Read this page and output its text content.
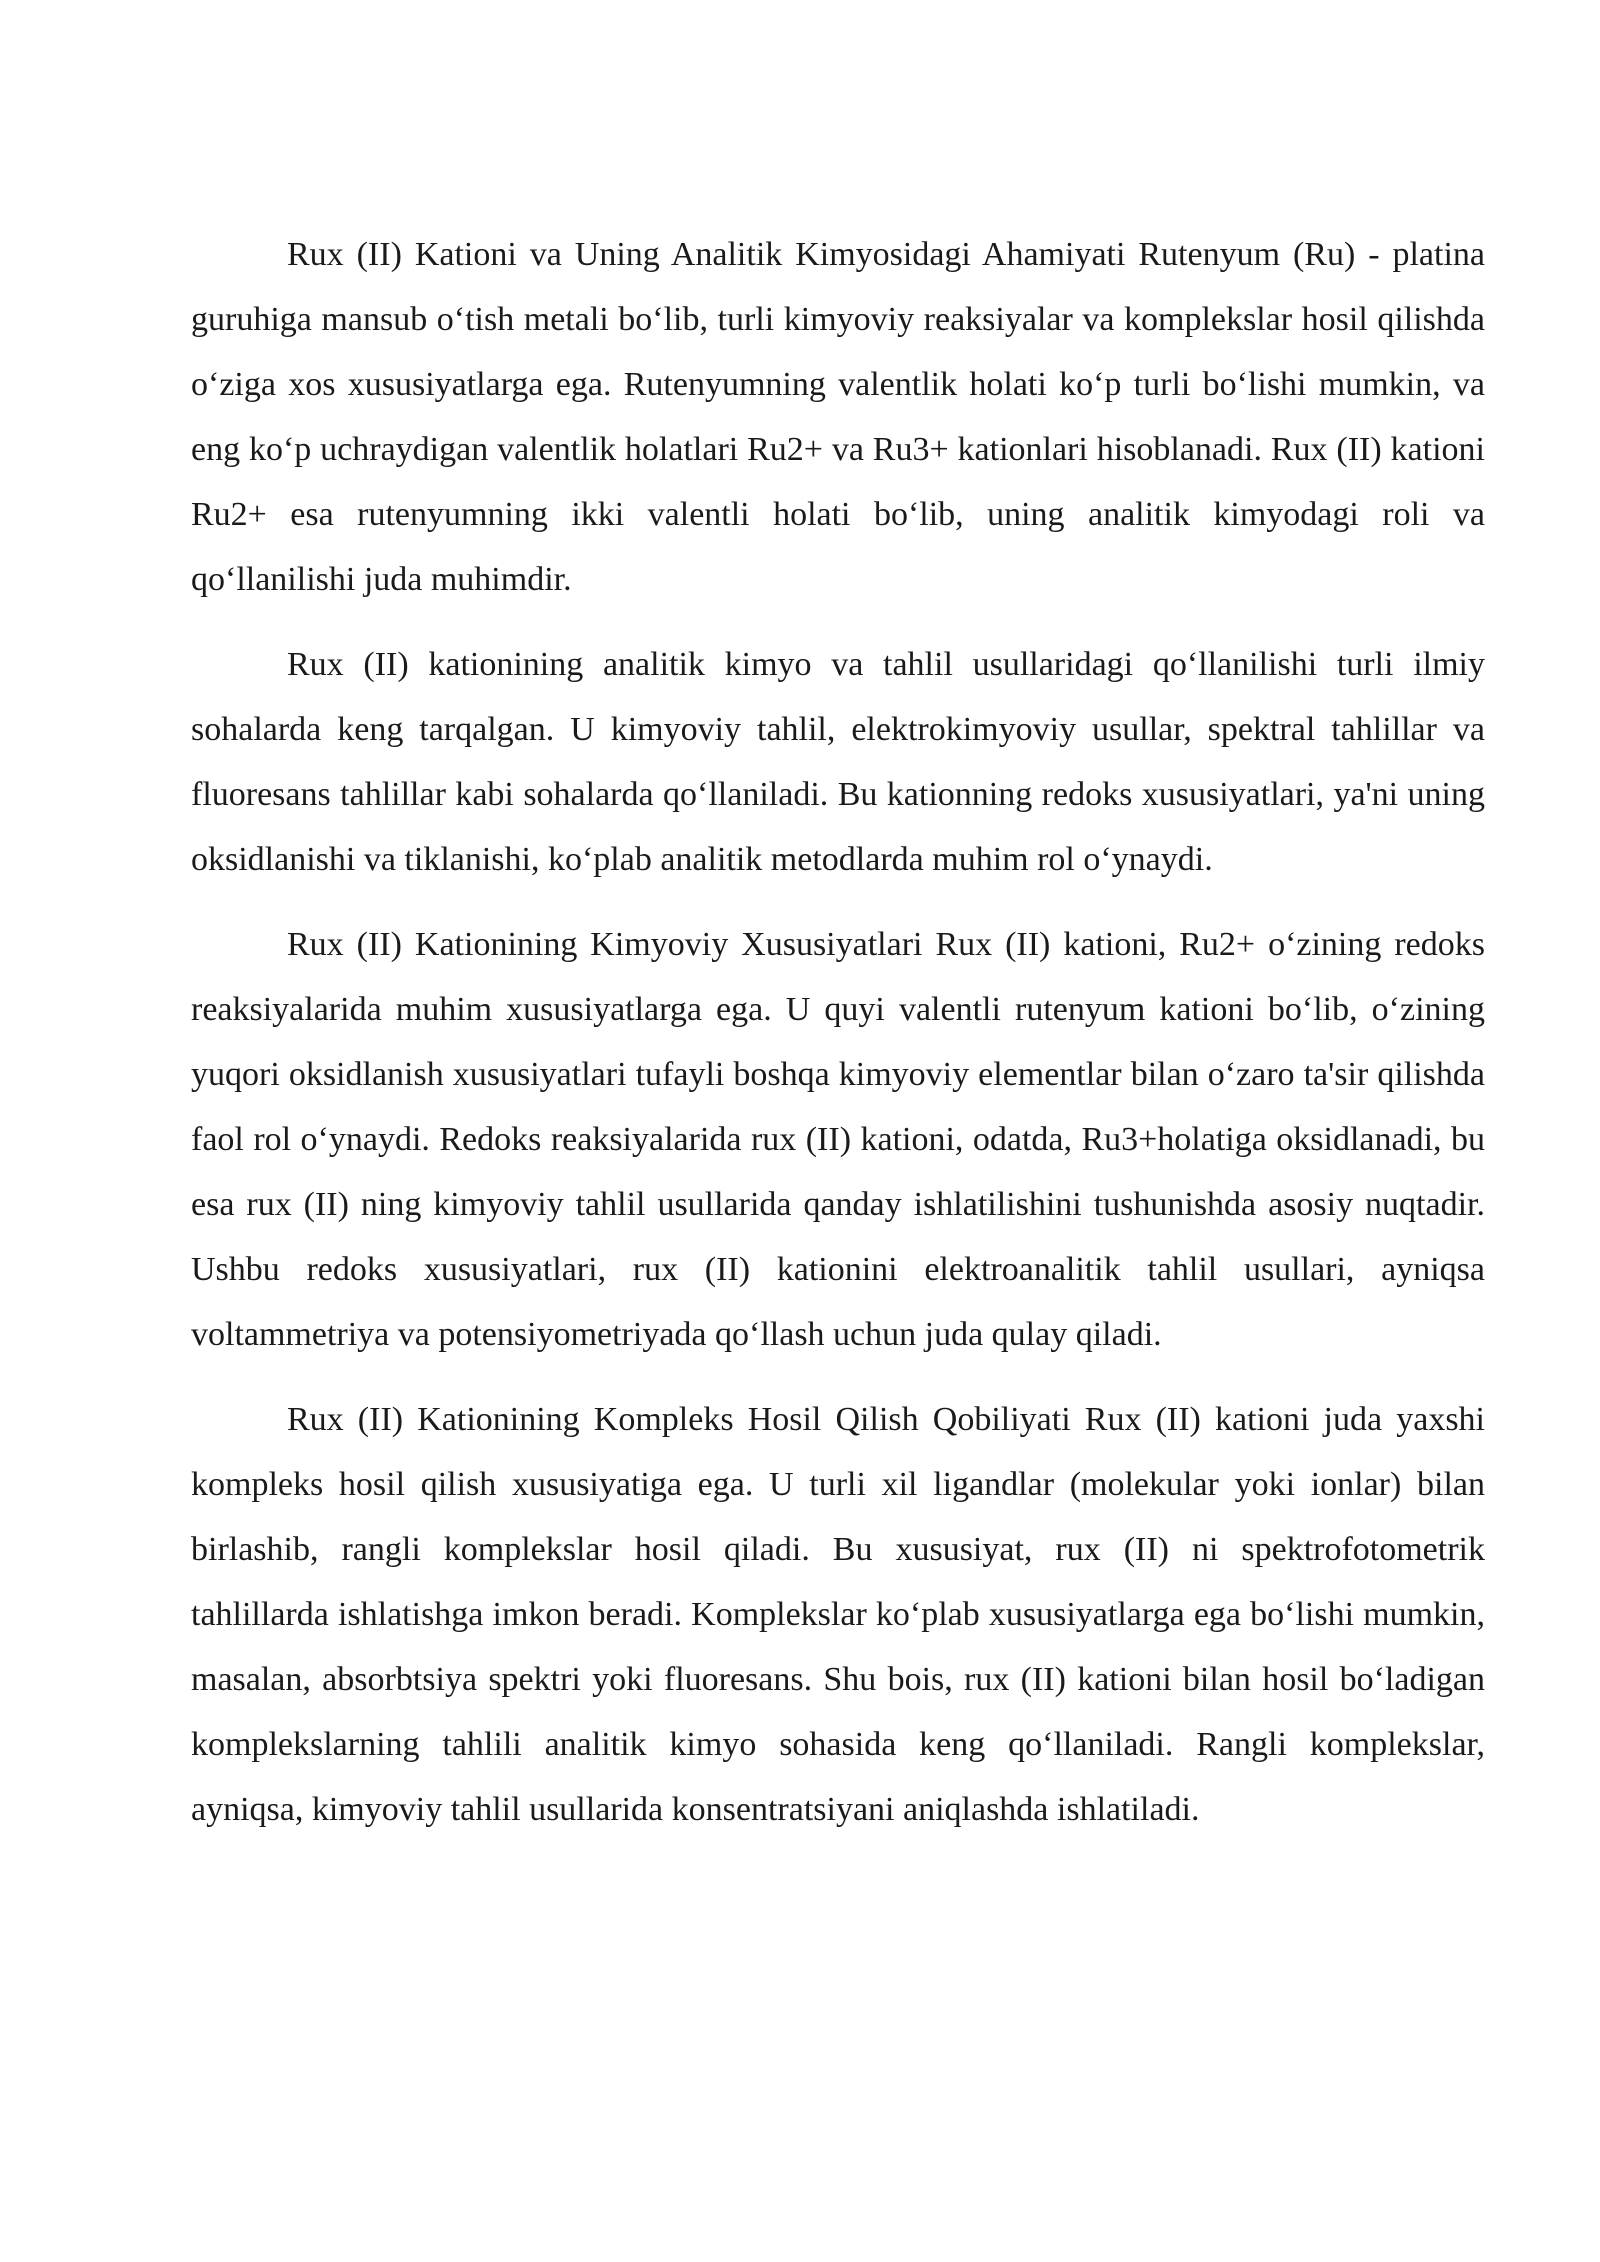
Rux (II) Kationi va Uning Analitik Kimyosidagi Ahamiyati Rutenyum (Ru) - platina guruhiga mansub o‘tish metali bo‘lib, turli kimyoviy reaksiyalar va komplekslar hosil qilishda o‘ziga xos xususiyatlarga ega. Rutenyumning valentlik holati ko‘p turli bo‘lishi mumkin, va eng ko‘p uchraydigan valentlik holatlari Ru2+ va Ru3+ kationlari hisoblanadi. Rux (II) kationi Ru2+ esa rutenyumning ikki valentli holati bo‘lib, uning analitik kimyodagi roli va qo‘llanilishi juda muhimdir.

Rux (II) kationining analitik kimyo va tahlil usullaridagi qo‘llanilishi turli ilmiy sohalarda keng tarqalgan. U kimyoviy tahlil, elektrokimyoviy usullar, spektral tahlillar va fluoresans tahlillar kabi sohalarda qo‘llaniladi. Bu kationning redoks xususiyatlari, ya'ni uning oksidlanishi va tiklanishi, ko‘plab analitik metodlarda muhim rol o‘ynaydi.

Rux (II) Kationining Kimyoviy Xususiyatlari Rux (II) kationi, Ru2+ o‘zining redoks reaksiyalarida muhim xususiyatlarga ega. U quyi valentli rutenyum kationi bo‘lib, o‘zining yuqori oksidlanish xususiyatlari tufayli boshqa kimyoviy elementlar bilan o‘zaro ta'sir qilishda faol rol o‘ynaydi. Redoks reaksiyalarida rux (II) kationi, odatda, Ru3+holatiga oksidlanadi, bu esa rux (II) ning kimyoviy tahlil usullarida qanday ishlatilishini tushunishda asosiy nuqtadir. Ushbu redoks xususiyatlari, rux (II) kationini elektroanalitik tahlil usullari, ayniqsa voltammetriya va potensiyometriyada qo‘llash uchun juda qulay qiladi.

Rux (II) Kationining Kompleks Hosil Qilish Qobiliyati Rux (II) kationi juda yaxshi kompleks hosil qilish xususiyatiga ega. U turli xil ligandlar (molekular yoki ionlar) bilan birlashib, rangli komplekslar hosil qiladi. Bu xususiyat, rux (II) ni spektrofotometrik tahlillarda ishlatishga imkon beradi. Komplekslar ko‘plab xususiyatlarga ega bo‘lishi mumkin, masalan, absorbtsiya spektri yoki fluoresans. Shu bois, rux (II) kationi bilan hosil bo‘ladigan komplekslarning tahlili analitik kimyo sohasida keng qo‘llaniladi. Rangli komplekslar, ayniqsa, kimyoviy tahlil usullarida konsentratsiyani aniqlashda ishlatiladi.
